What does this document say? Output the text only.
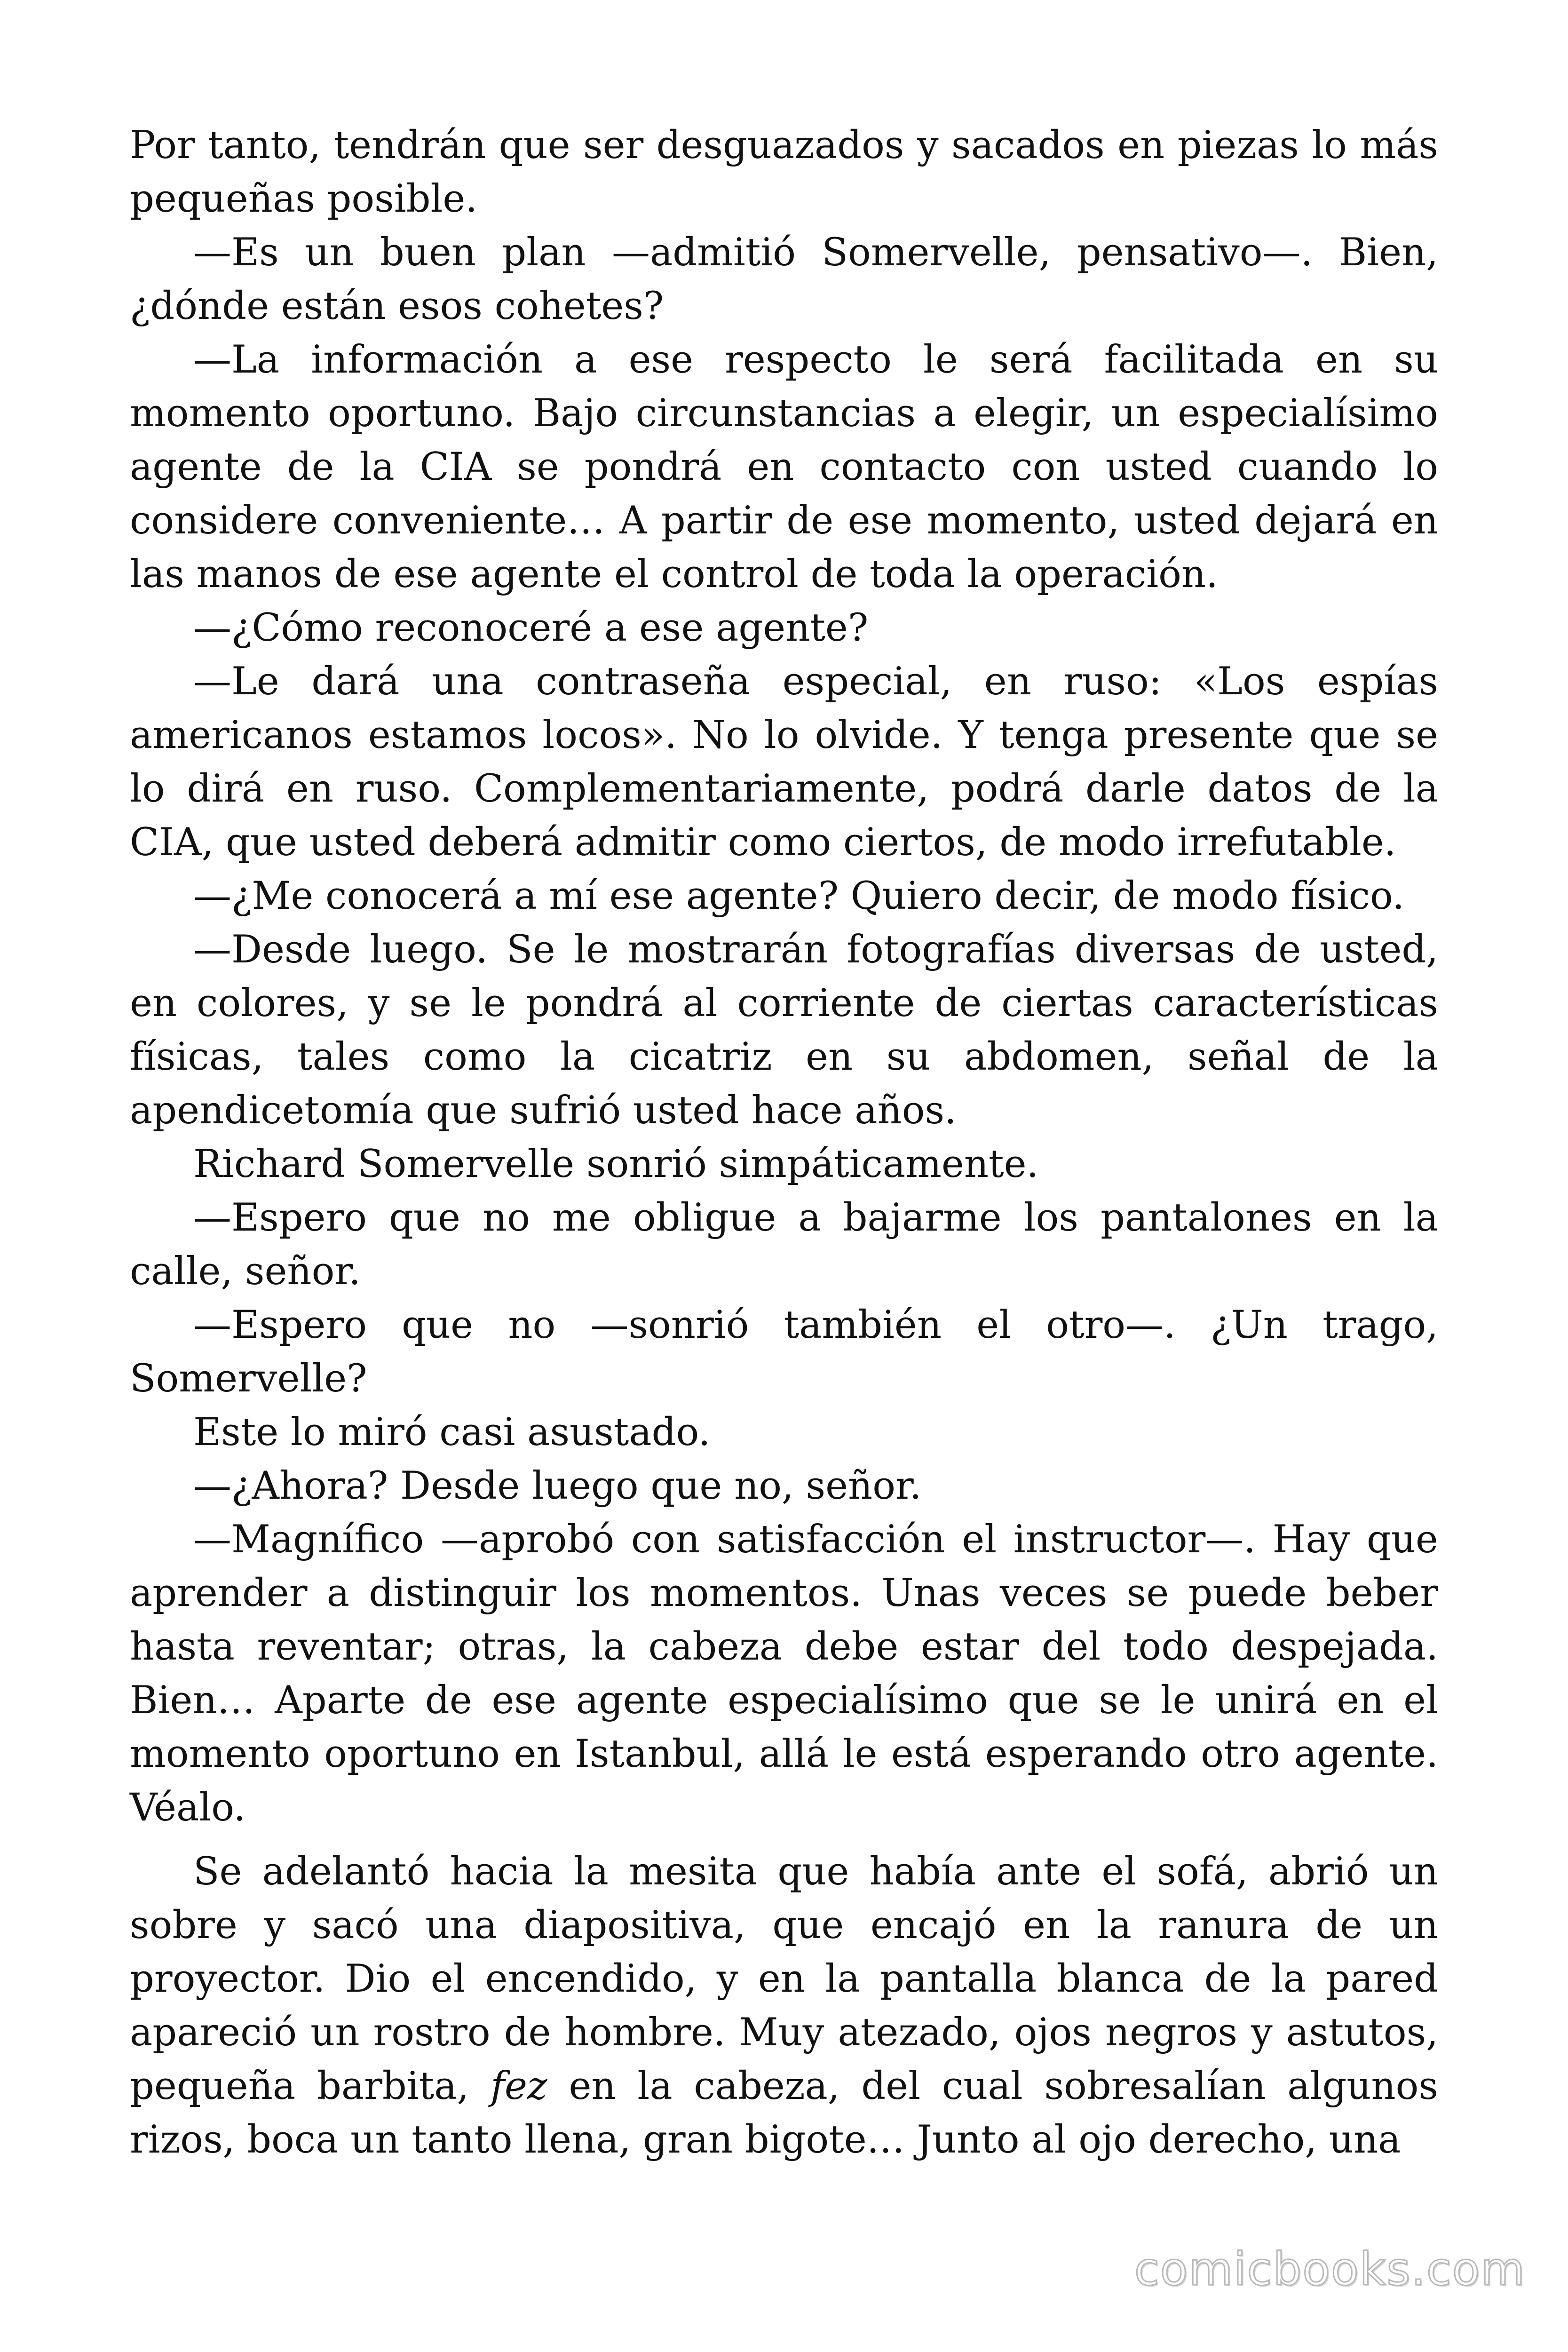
Por tanto, tendrán que ser desguazados y sacados en piezas lo más pequeñas posible.

—Es un buen plan —admitió Somervelle, pensativo—. Bien, ¿dónde están esos cohetes?

—La información a ese respecto le será facilitada en su momento oportuno. Bajo circunstancias a elegir, un especialísimo agente de la CIA se pondrá en contacto con usted cuando lo considere conveniente… A partir de ese momento, usted dejará en las manos de ese agente el control de toda la operación.

—¿Cómo reconoceré a ese agente?

—Le dará una contraseña especial, en ruso: «Los espías americanos estamos locos». No lo olvide. Y tenga presente que se lo dirá en ruso. Complementariamente, podrá darle datos de la CIA, que usted deberá admitir como ciertos, de modo irrefutable.

—¿Me conocerá a mí ese agente? Quiero decir, de modo físico.

—Desde luego. Se le mostrarán fotografías diversas de usted, en colores, y se le pondrá al corriente de ciertas características físicas, tales como la cicatriz en su abdomen, señal de la apendicetomía que sufrió usted hace años.

Richard Somervelle sonrió simpáticamente.

—Espero que no me obligue a bajarme los pantalones en la calle, señor.

—Espero que no —sonrió también el otro—. ¿Un trago, Somervelle?

Este lo miró casi asustado.

—¿Ahora? Desde luego que no, señor.

—Magnífico —aprobó con satisfacción el instructor—. Hay que aprender a distinguir los momentos. Unas veces se puede beber hasta reventar; otras, la cabeza debe estar del todo despejada. Bien… Aparte de ese agente especialísimo que se le unirá en el momento oportuno en Istanbul, allá le está esperando otro agente. Véalo.

Se adelantó hacia la mesita que había ante el sofá, abrió un sobre y sacó una diapositiva, que encajó en la ranura de un proyector. Dio el encendido, y en la pantalla blanca de la pared apareció un rostro de hombre. Muy atezado, ojos negros y astutos, pequeña barbita, fez en la cabeza, del cual sobresalían algunos rizos, boca un tanto llena, gran bigote… Junto al ojo derecho, una

comicbooks.com
